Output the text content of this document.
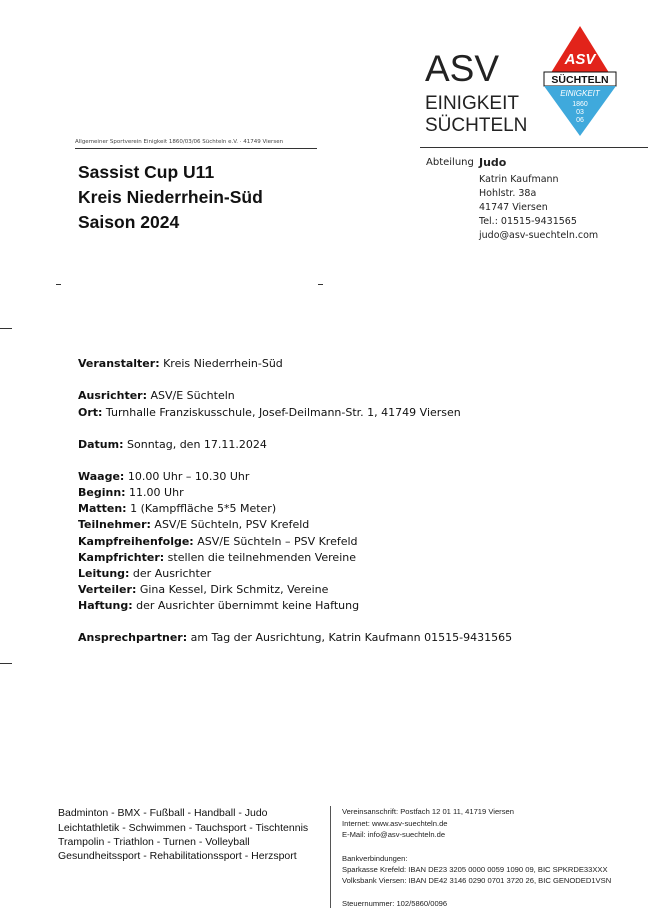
Allgemeiner Sportverein Einigkeit 1860/03/06 Süchteln e.V. · 41749 Viersen
Sassist Cup U11
Kreis Niederrhein-Süd
Saison 2024
ASV
EINIGKEIT
SÜCHTELN
ASV
SÜCHTELN
EINIGKEIT
1860
03
06
Abteilung Judo
Katrin Kaufmann
Hohlstr. 38a
41747 Viersen
Tel.: 01515-9431565
judo@asv-suechteln.com
Veranstalter: Kreis Niederrhein-Süd
Ausrichter: ASV/E Süchteln
Ort: Turnhalle Franziskusschule, Josef-Deilmann-Str. 1, 41749 Viersen
Datum: Sonntag, den 17.11.2024
Waage: 10.00 Uhr – 10.30 Uhr
Beginn: 11.00 Uhr
Matten: 1 (Kampffläche 5*5 Meter)
Teilnehmer: ASV/E Süchteln, PSV Krefeld
Kampfreihenfolge: ASV/E Süchteln – PSV Krefeld
Kampfrichter: stellen die teilnehmenden Vereine
Leitung: der Ausrichter
Verteiler: Gina Kessel, Dirk Schmitz, Vereine
Haftung: der Ausrichter übernimmt keine Haftung
Ansprechpartner: am Tag der Ausrichtung, Katrin Kaufmann 01515-9431565
Badminton - BMX - Fußball - Handball - Judo
Leichtathletik - Schwimmen - Tauchsport - Tischtennis
Trampolin - Triathlon - Turnen - Volleyball
Gesundheitssport - Rehabilitationssport - Herzsport
Vereinsanschrift: Postfach 12 01 11, 41719 Viersen
Internet: www.asv-suechteln.de
E-Mail: info@asv-suechteln.de
Bankverbindungen:
Sparkasse Krefeld: IBAN DE23 3205 0000 0059 1090 09, BIC SPKRDE33XXX
Volksbank Viersen: IBAN DE42 3146 0290 0701 3720 26, BIC GENODED1VSN
Steuernummer: 102/5860/0096
